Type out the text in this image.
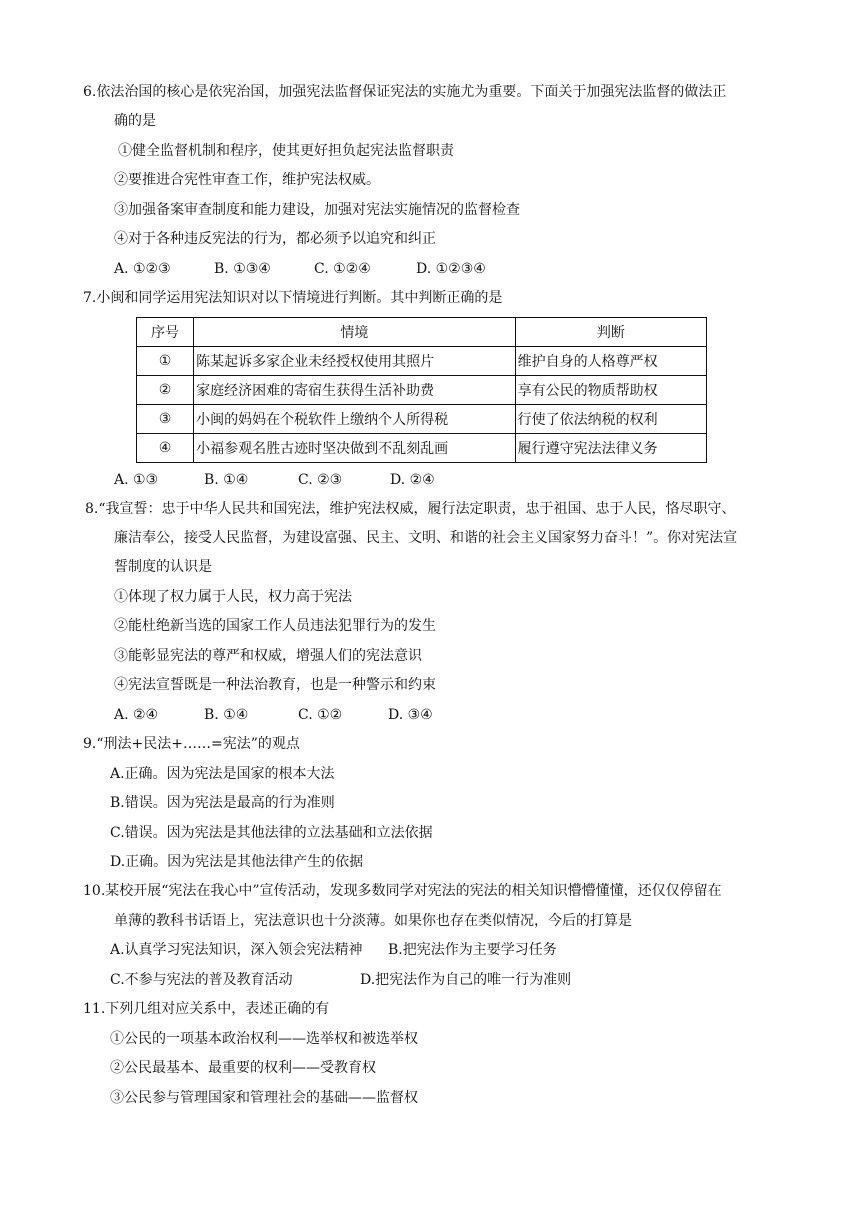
6.依法治国的核心是依宪治国，加强宪法监督保证宪法的实施尤为重要。下面关于加强宪法监督的做法正
确的是
①健全监督机制和程序，使其更好担负起宪法监督职责
②要推进合宪性审查工作，维护宪法权威。
③加强备案审查制度和能力建设，加强对宪法实施情况的监督检查
④对于各种违反宪法的行为，都必须予以追究和纠正
A. ①②③	B. ①③④	C. ①②④	D. ①②③④
7.小闽和同学运用宪法知识对以下情境进行判断。其中判断正确的是
序号	情境	判断
①	陈某起诉多家企业未经授权使用其照片	维护自身的人格尊严权
②	家庭经济困难的寄宿生获得生活补助费	享有公民的物质帮助权
③	小闽的妈妈在个税软件上缴纳个人所得税	行使了依法纳税的权利
④	小福参观名胜古迹时坚决做到不乱刻乱画	履行遵守宪法法律义务
A. ①③	B. ①④	C. ②③	D. ②④
8.“我宣誓：忠于中华人民共和国宪法，维护宪法权威，履行法定职责，忠于祖国、忠于人民，恪尽职守、
廉洁奉公，接受人民监督，为建设富强、民主、文明、和谐的社会主义国家努力奋斗！”。你对宪法宣
誓制度的认识是
①体现了权力属于人民，权力高于宪法
②能杜绝新当选的国家工作人员违法犯罪行为的发生
③能彰显宪法的尊严和权威，增强人们的宪法意识
④宪法宣誓既是一种法治教育，也是一种警示和约束
A. ②④	B. ①④	C. ①②	D. ③④
9.“刑法+民法+……=宪法”的观点
A.正确。因为宪法是国家的根本大法
B.错误。因为宪法是最高的行为准则
C.错误。因为宪法是其他法律的立法基础和立法依据
D.正确。因为宪法是其他法律产生的依据
10.某校开展“宪法在我心中”宣传活动，发现多数同学对宪法的宪法的相关知识懵懵懂懂，还仅仅停留在
单薄的教科书话语上，宪法意识也十分淡薄。如果你也存在类似情况，今后的打算是
A.认真学习宪法知识，深入领会宪法精神 B.把宪法作为主要学习任务
C.不参与宪法的普及教育活动	D.把宪法作为自己的唯一行为准则
11.下列几组对应关系中，表述正确的有
①公民的一项基本政治权利——选举权和被选举权
②公民最基本、最重要的权利——受教育权
③公民参与管理国家和管理社会的基础——监督权
